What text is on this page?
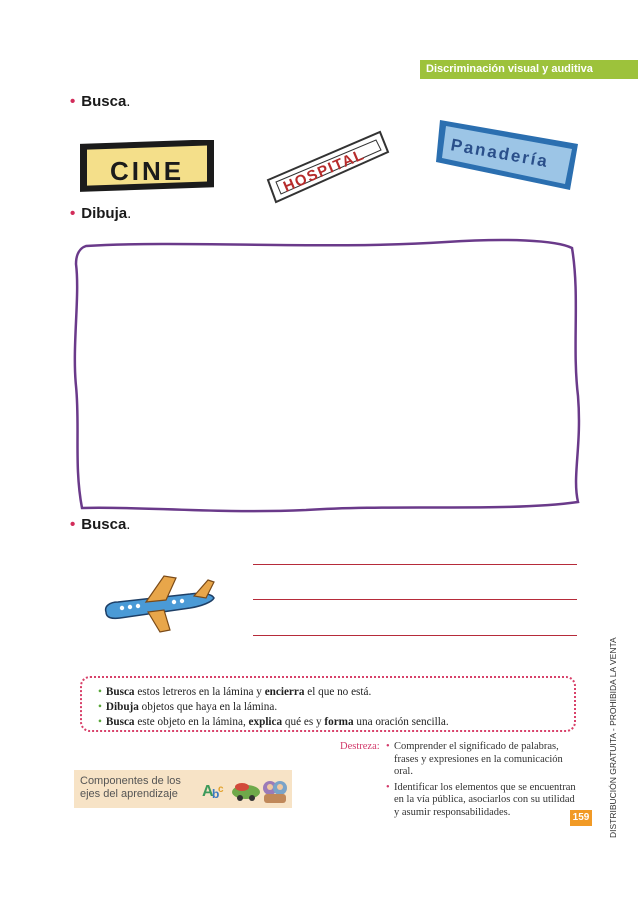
Discriminación visual y auditiva
• Busca.
CINE	HOSPITAL	Panadería
• Dibuja.
• Busca.
• Busca estos letreros en la lámina y encierra el que no está.
• Dibuja objetos que haya en la lámina.
• Busca este objeto en la lámina, explica qué es y forma una oración sencilla.
Destreza:
•	Comprender el significado de palabras, frases y expresiones en la comunicación oral.
• Identificar los elementos que se encuentran en la vía pública, asociarlos con su utilidad y asumir responsabilidades.
Componentes de los ejes del aprendizaje	A
b
c
159	DISTRIBUCIÓN GRATUITA - PROHIBIDA LA VENTA
